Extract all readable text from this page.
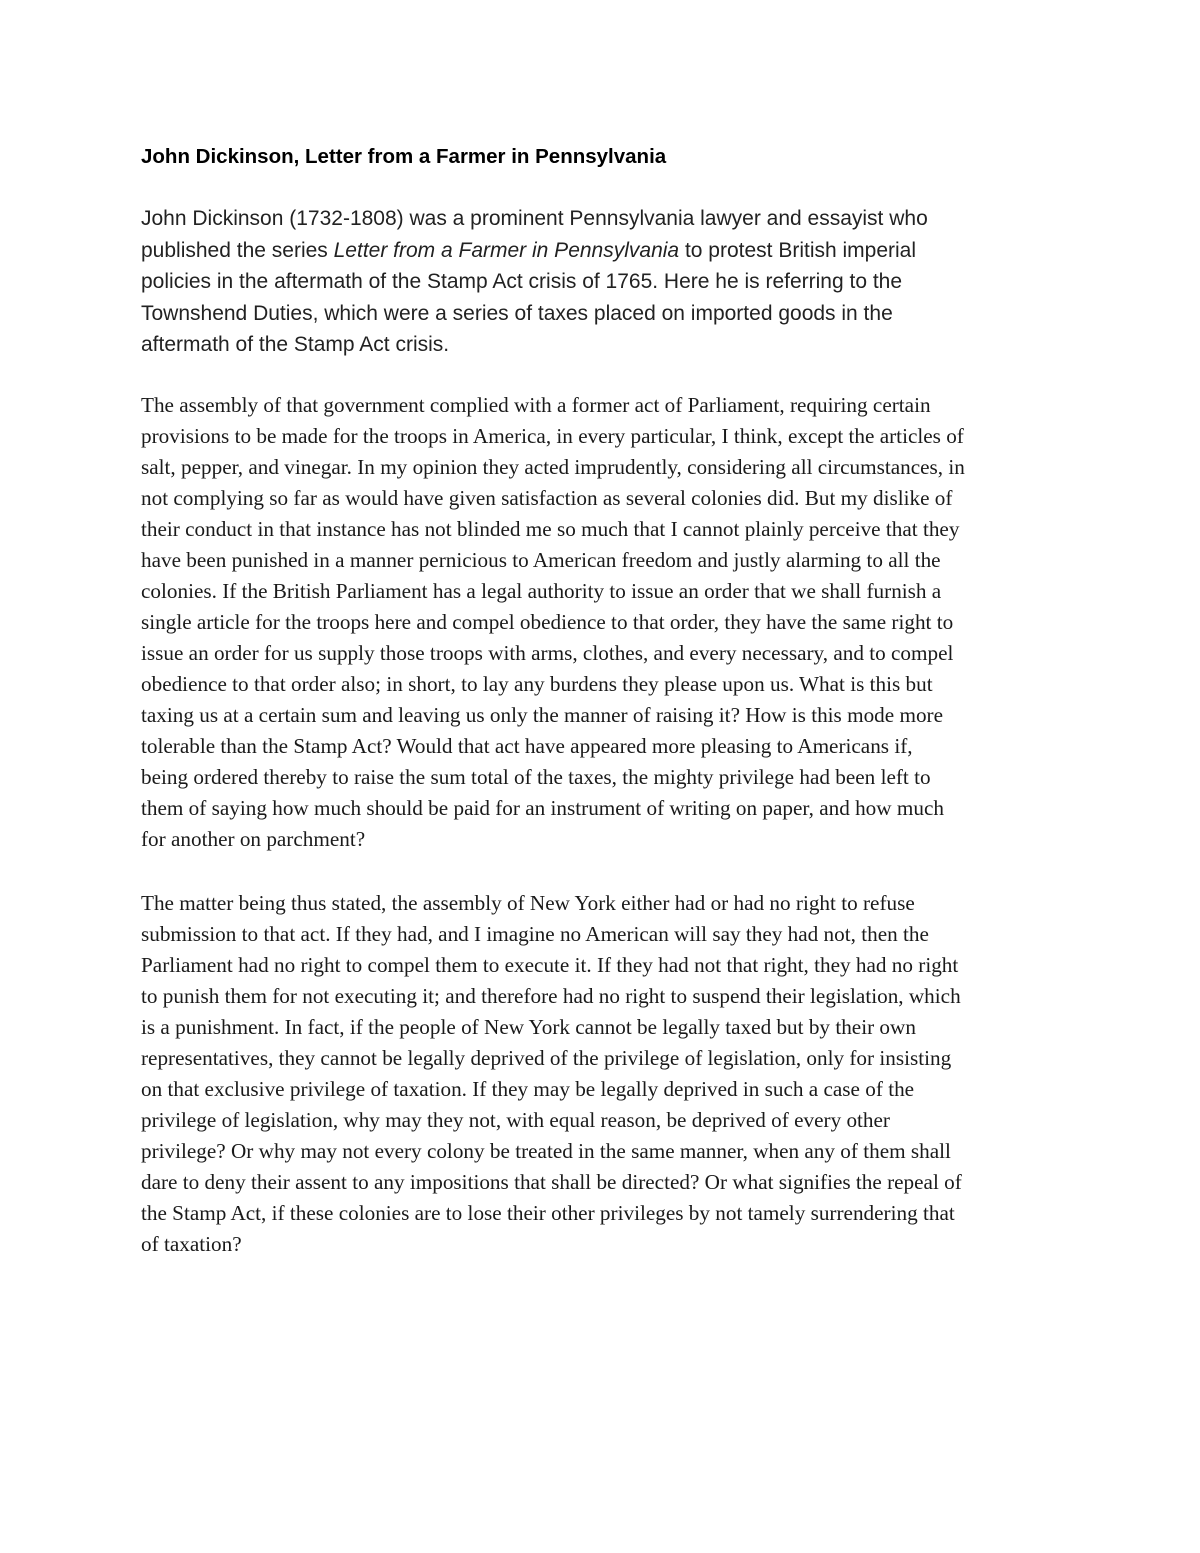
John Dickinson, Letter from a Farmer in Pennsylvania

John Dickinson (1732-1808) was a prominent Pennsylvania lawyer and essayist who
published the series Letter from a Farmer in Pennsylvania to protest British imperial
policies in the aftermath of the Stamp Act crisis of 1765. Here he is referring to the
Townshend Duties, which were a series of taxes placed on imported goods in the
aftermath of the Stamp Act crisis.

The assembly of that government complied with a former act of Parliament, requiring certain
provisions to be made for the troops in America, in every particular, I think, except the articles of
salt, pepper, and vinegar. In my opinion they acted imprudently, considering all circumstances, in
not complying so far as would have given satisfaction as several colonies did. But my dislike of
their conduct in that instance has not blinded me so much that I cannot plainly perceive that they
have been punished in a manner pernicious to American freedom and justly alarming to all the
colonies. If the British Parliament has a legal authority to issue an order that we shall furnish a
single article for the troops here and compel obedience to that order, they have the same right to
issue an order for us supply those troops with arms, clothes, and every necessary, and to compel
obedience to that order also; in short, to lay any burdens they please upon us. What is this but
taxing us at a certain sum and leaving us only the manner of raising it? How is this mode more
tolerable than the Stamp Act? Would that act have appeared more pleasing to Americans if,
being ordered thereby to raise the sum total of the taxes, the mighty privilege had been left to
them of saying how much should be paid for an instrument of writing on paper, and how much
for another on parchment?

The matter being thus stated, the assembly of New York either had or had no right to refuse
submission to that act. If they had, and I imagine no American will say they had not, then the
Parliament had no right to compel them to execute it. If they had not that right, they had no right
to punish them for not executing it; and therefore had no right to suspend their legislation, which
is a punishment. In fact, if the people of New York cannot be legally taxed but by their own
representatives, they cannot be legally deprived of the privilege of legislation, only for insisting
on that exclusive privilege of taxation. If they may be legally deprived in such a case of the
privilege of legislation, why may they not, with equal reason, be deprived of every other
privilege? Or why may not every colony be treated in the same manner, when any of them shall
dare to deny their assent to any impositions that shall be directed? Or what signifies the repeal of
the Stamp Act, if these colonies are to lose their other privileges by not tamely surrendering that
of taxation?
